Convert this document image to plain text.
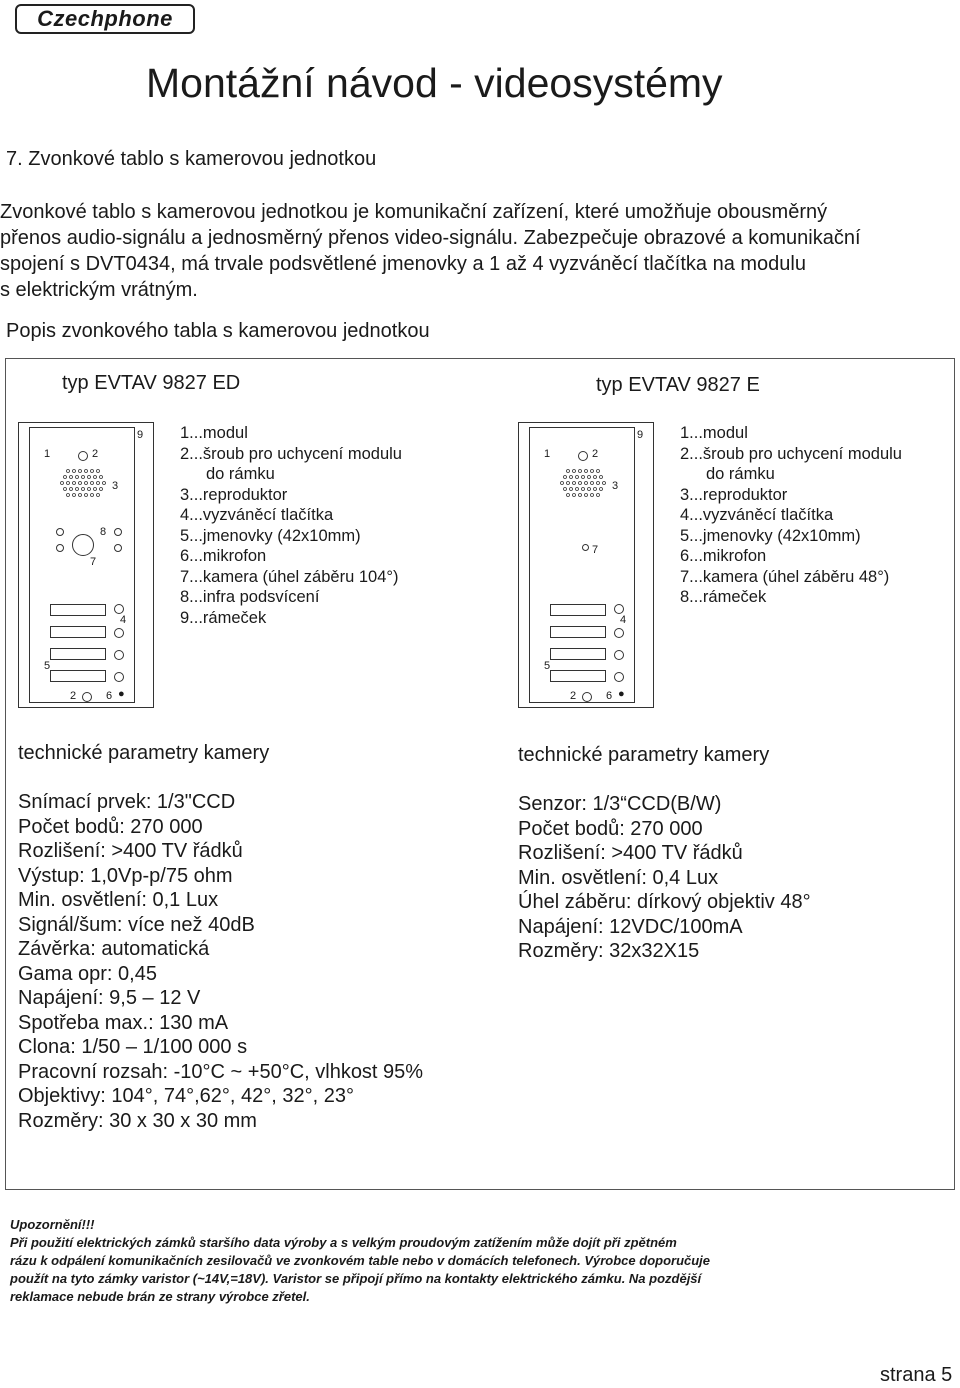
Czechphone
Montážní návod - videosystémy
7. Zvonkové tablo s kamerovou jednotkou

Zvonkové tablo s kamerovou jednotkou je komunikační zařízení, které umožňuje obousměrný

přenos audio-signálu a jednosměrný přenos video-signálu. Zabezpečuje obrazové a komunikační

spojení s DVT0434, má trvale podsvětlené jmenovky a 1 až 4 vyzváněcí tlačítka na modulu

s elektrickým vrátným.

Popis zvonkového tabla s kamerovou jednotkou
typ EVTAV 9827 ED
1	2
3
8
7
4
5
2	6 ●
9 1...modul
2...šroub pro uchycení modulu
do rámku
3...reproduktor
4...vyzváněcí tlačítka
5...jmenovky (42x10mm)
6...mikrofon
7...kamera (úhel záběru 104°)
8...infra podsvícení
9...rámeček
technické parametry kamery
Snímací prvek: 1/3"CCD
Počet bodů: 270 000
Rozlišení: >400 TV řádků
Výstup: 1,0Vp-p/75 ohm
Min. osvětlení: 0,1 Lux
Signál/šum: více než 40dB
Závěrka: automatická
Gama opr: 0,45
Napájení: 9,5 – 12 V
Spotřeba max.: 130 mA
Clona: 1/50 – 1/100 000 s
Pracovní rozsah: -10°C ~ +50°C, vlhkost 95%
Objektivy: 104°, 74°,62°, 42°, 32°, 23°
Rozměry: 30 x 30 x 30 mm
typ EVTAV 9827 E
1	2
3
7
4
5
2	6 ●
9 1...modul
2...šroub pro uchycení modulu
do rámku
3...reproduktor
4...vyzváněcí tlačítka
5...jmenovky (42x10mm)
6...mikrofon
7...kamera (úhel záběru 48°)
8...rámeček
technické parametry kamery
Senzor: 1/3“CCD(B/W)
Počet bodů: 270 000
Rozlišení: >400 TV řádků
Min. osvětlení: 0,4 Lux
Úhel záběru: dírkový objektiv 48°
Napájení: 12VDC/100mA
Rozměry: 32x32X15
Upozornění!!!
Při použití elektrických zámků staršího data výroby a s velkým proudovým zatížením může dojít při zpětném
rázu k odpálení komunikačních zesilovačů ve zvonkovém table nebo v domácích telefonech. Výrobce doporučuje
použít na tyto zámky varistor (~14V,=18V). Varistor se připojí přímo na kontakty elektrického zámku. Na pozdější
reklamace nebude brán ze strany výrobce zřetel.
strana 5
